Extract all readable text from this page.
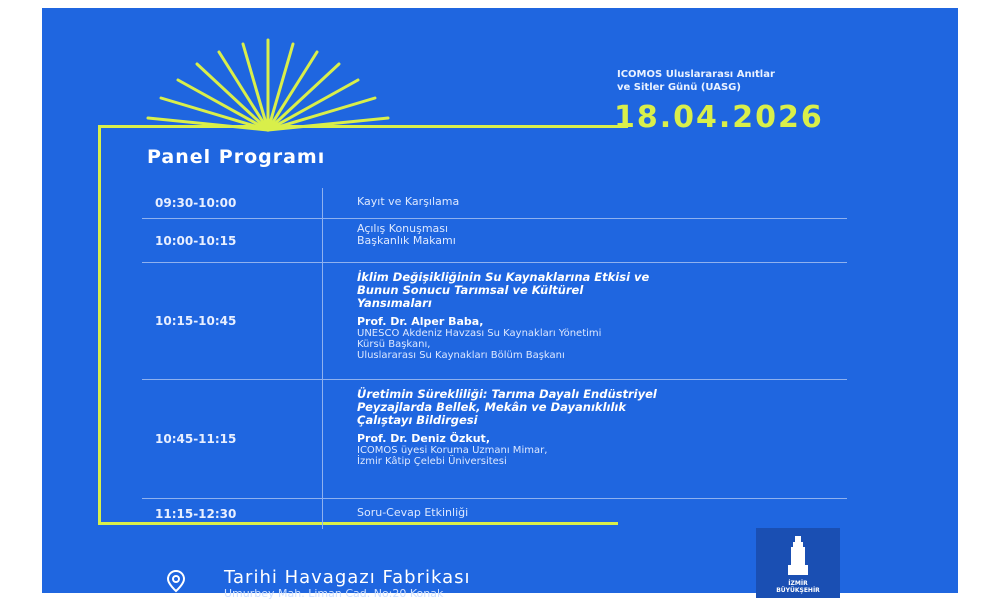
ICOMOS Uluslararası Anıtlar
ve Sitler Günü (UASG)
18.04.2026
Panel Programı
09:30-10:00	Kayıt ve Karşılama
10:00-10:15
Açılış Konuşması
Başkanlık Makamı
10:15-10:45
İklim Değişikliğinin Su Kaynaklarına Etkisi ve
Bunun Sonucu Tarımsal ve Kültürel
Yansımaları
Prof. Dr. Alper Baba,
UNESCO Akdeniz Havzası Su Kaynakları Yönetimi
Kürsü Başkanı,
Uluslararası Su Kaynakları Bölüm Başkanı
10:45-11:15
Üretimin Sürekliliği: Tarıma Dayalı Endüstriyel
Peyzajlarda Bellek, Mekân ve Dayanıklılık
Çalıştayı Bildirgesi
Prof. Dr. Deniz Özkut,
ICOMOS üyesi Koruma Uzmanı Mimar,
İzmir Kâtip Çelebi Üniversitesi
11:15-12:30	Soru-Cevap Etkinliği
Tarihi Havagazı Fabrikası
Umurbey Mah. Liman Cad. No:20 Konak
İZMİR
BÜYÜKŞEHİR
